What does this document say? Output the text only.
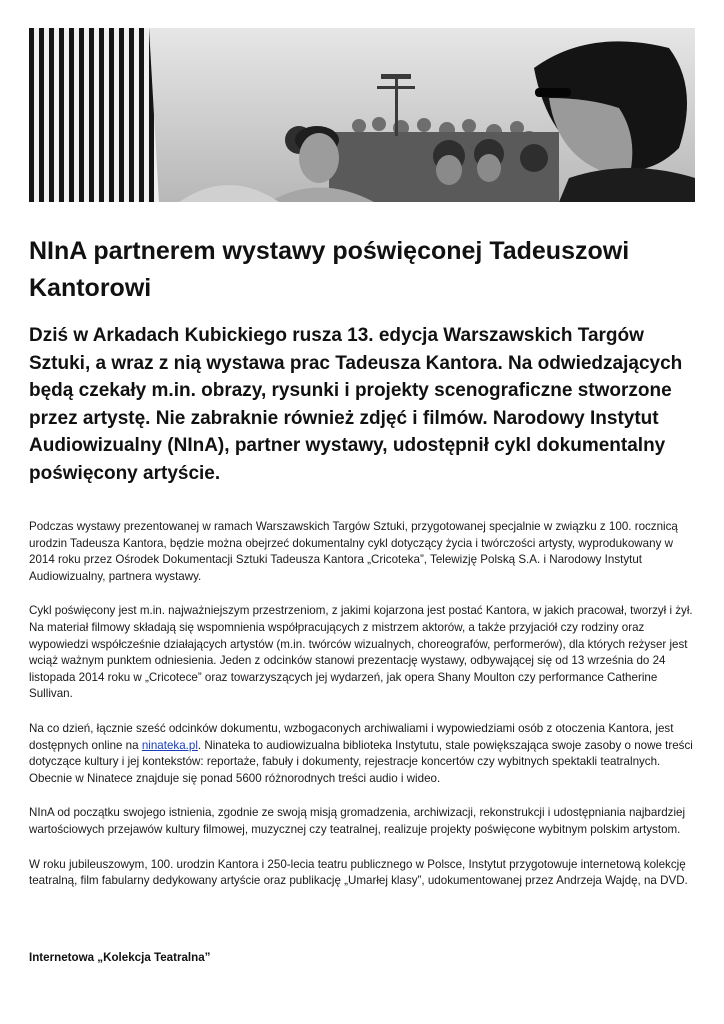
NInA partnerem wystawy poświęconej Tadeuszowi Kantorowi

Dziś w Arkadach Kubickiego rusza 13. edycja Warszawskich Targów Sztuki, a wraz z nią wystawa prac Tadeusza Kantora. Na odwiedzających będą czekały m.in. obrazy, rysunki i projekty scenograficzne stworzone przez artystę. Nie zabraknie również zdjęć i filmów. Narodowy Instytut Audiowizualny (NInA), partner wystawy, udostępnił cykl dokumentalny poświęcony artyście.

Podczas wystawy prezentowanej w ramach Warszawskich Targów Sztuki, przygotowanej specjalnie w związku z 100. rocznicą urodzin Tadeusza Kantora, będzie można obejrzeć dokumentalny cykl dotyczący życia i twórczości artysty, wyprodukowany w 2014 roku przez Ośrodek Dokumentacji Sztuki Tadeusza Kantora „Cricoteka”, Telewizję Polską S.A. i Narodowy Instytut Audiowizualny, partnera wystawy.

Cykl poświęcony jest m.in. najważniejszym przestrzeniom, z jakimi kojarzona jest postać Kantora, w jakich pracował, tworzył i żył. Na materiał filmowy składają się wspomnienia współpracujących z mistrzem aktorów, a także przyjaciół czy rodziny oraz wypowiedzi współcześnie działających artystów (m.in. twórców wizualnych, choreografów, performerów), dla których reżyser jest wciąż ważnym punktem odniesienia. Jeden z odcinków stanowi prezentację wystawy, odbywającej się od 13 września do 24 listopada 2014 roku w „Cricotece” oraz towarzyszących jej wydarzeń, jak opera Shany Moulton czy performance Catherine Sullivan.

Na co dzień, łącznie sześć odcinków dokumentu, wzbogaconych archiwaliami i wypowiedziami osób z otoczenia Kantora, jest dostępnych online na ninateka.pl. Ninateka to audiowizualna biblioteka Instytutu, stale powiększająca swoje zasoby o nowe treści dotyczące kultury i jej kontekstów: reportaże, fabuły i dokumenty, rejestracje koncertów czy wybitnych spektakli teatralnych. Obecnie w Ninatece znajduje się ponad 5600 różnorodnych treści audio i wideo.

NInA od początku swojego istnienia, zgodnie ze swoją misją gromadzenia, archiwizacji, rekonstrukcji i udostępniania najbardziej wartościowych przejawów kultury filmowej, muzycznej czy teatralnej, realizuje projekty poświęcone wybitnym polskim artystom.

W roku jubileuszowym, 100. urodzin Kantora i 250-lecia teatru publicznego w Polsce, Instytut przygotowuje internetową kolekcję teatralną, film fabularny dedykowany artyście oraz publikację „Umarłej klasy”, udokumentowanej przez Andrzeja Wajdę, na DVD.

Internetowa „Kolekcja Teatralna”
